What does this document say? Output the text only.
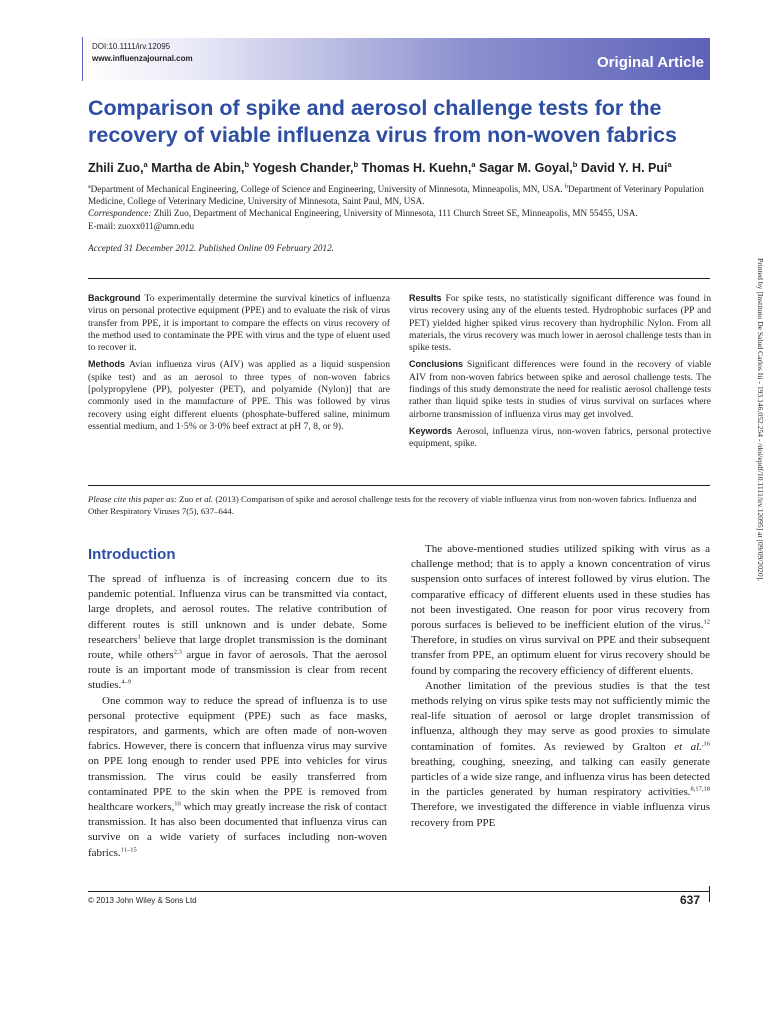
DOI:10.1111/irv.12095
www.influenzajournal.com	Original Article
Comparison of spike and aerosol challenge tests for the recovery of viable influenza virus from non-woven fabrics
Zhili Zuo,$^a$ Martha de Abin,$^b$ Yogesh Chander,$^b$ Thomas H. Kuehn,$^a$ Sagar M. Goyal,$^b$ David Y. H. Pui$^a$

$^a$Department of Mechanical Engineering, College of Science and Engineering, University of Minnesota, Minneapolis, MN, USA. $^b$Department of Veterinary Population Medicine, College of Veterinary Medicine, University of Minnesota, Saint Paul, MN, USA.

Correspondence: Zhili Zuo, Department of Mechanical Engineering, University of Minnesota, 111 Church Street SE, Minneapolis, MN 55455, USA.

E-mail: zuoxx011@umn.edu

Accepted 31 December 2012. Published Online 09 February 2012.

Background To experimentally determine the survival kinetics of influenza virus on personal protective equipment (PPE) and to evaluate the risk of virus transfer from PPE, it is important to compare the effects on virus recovery of the method used to contaminate the PPE with virus and the type of eluent used to recover it.

Methods Avian influenza virus (AIV) was applied as a liquid suspension (spike test) and as an aerosol to three types of non-woven fabrics [polypropylene (PP), polyester (PET), and polyamide (Nylon)] that are commonly used in the manufacture of PPE. This was followed by virus recovery using eight different eluents (phosphate-buffered saline, minimum essential medium, and 1·5% or 3·0% beef extract at pH 7, 8, or 9).

Results For spike tests, no statistically significant difference was found in virus recovery using any of the eluents tested. Hydrophobic surfaces (PP and PET) yielded higher spiked virus recovery than hydrophilic Nylon. From all materials, the virus recovery was much lower in aerosol challenge tests than in spike tests.

Conclusions Significant differences were found in the recovery of viable AIV from non-woven fabrics between spike and aerosol challenge tests. The findings of this study demonstrate the need for realistic aerosol challenge tests rather than liquid spike tests in studies of virus survival on surfaces where airborne transmission of influenza virus may get involved.

Keywords Aerosol, influenza virus, non-woven fabrics, personal protective equipment, spike.

Please cite this paper as: Zuo et al. (2013) Comparison of spike and aerosol challenge tests for the recovery of viable influenza virus from non-woven fabrics. Influenza and Other Respiratory Viruses 7(5), 637–644.
Introduction

The spread of influenza is of increasing concern due to its pandemic potential. Influenza virus can be transmitted via contact, large droplets, and aerosol routes. The relative contribution of different routes is still unknown and is under debate. Some researchers$^1$ believe that large droplet transmission is the dominant route, while others$^{2,3}$ argue in favor of aerosols. That the aerosol route is an important mode of transmission is clear from recent studies.$^{4-9}$

One common way to reduce the spread of influenza is to use personal protective equipment (PPE) such as face masks, respirators, and garments, which are often made of non-woven fabrics. However, there is concern that influenza virus may survive on PPE long enough to render used PPE into vehicles for virus transmission. The virus could be easily transferred from contaminated PPE to the skin when the PPE is removed from healthcare workers,$^{10}$ which may greatly increase the risk of contact transmission. It has also been documented that influenza virus can survive on a wide variety of surfaces including non-woven fabrics.$^{11-15}$

The above-mentioned studies utilized spiking with virus as a challenge method; that is to apply a known concentration of virus suspension onto surfaces of interest followed by virus elution. The comparative efficacy of different eluents used in these studies has not been investigated. One reason for poor virus recovery from porous surfaces is believed to be inefficient elution of the virus.$^{12}$ Therefore, in studies on virus survival on PPE and their subsequent transfer from PPE, an optimum eluent for virus recovery should be found by comparing the recovery efficiency of different eluents.

Another limitation of the previous studies is that the test methods relying on virus spike tests may not sufficiently mimic the real-life situation of aerosol or large droplet transmission of influenza, although they may serve as good proxies to simulate contamination of fomites. As reviewed by Gralton et al.$^{,16}$ breathing, coughing, sneezing, and talking can easily generate particles of a wide size range, and influenza virus has been detected in the particles generated by human respiratory activities.$^{8,17,18}$ Therefore, we investigated the difference in viable influenza virus recovery from PPE

© 2013 John Wiley & Sons Ltd	637
Printed by [Instituto De Salud Carlos Iii - 193.146.052.254 - /doi/epdf/10.1111/irv.12095] at [09/09/2020].
